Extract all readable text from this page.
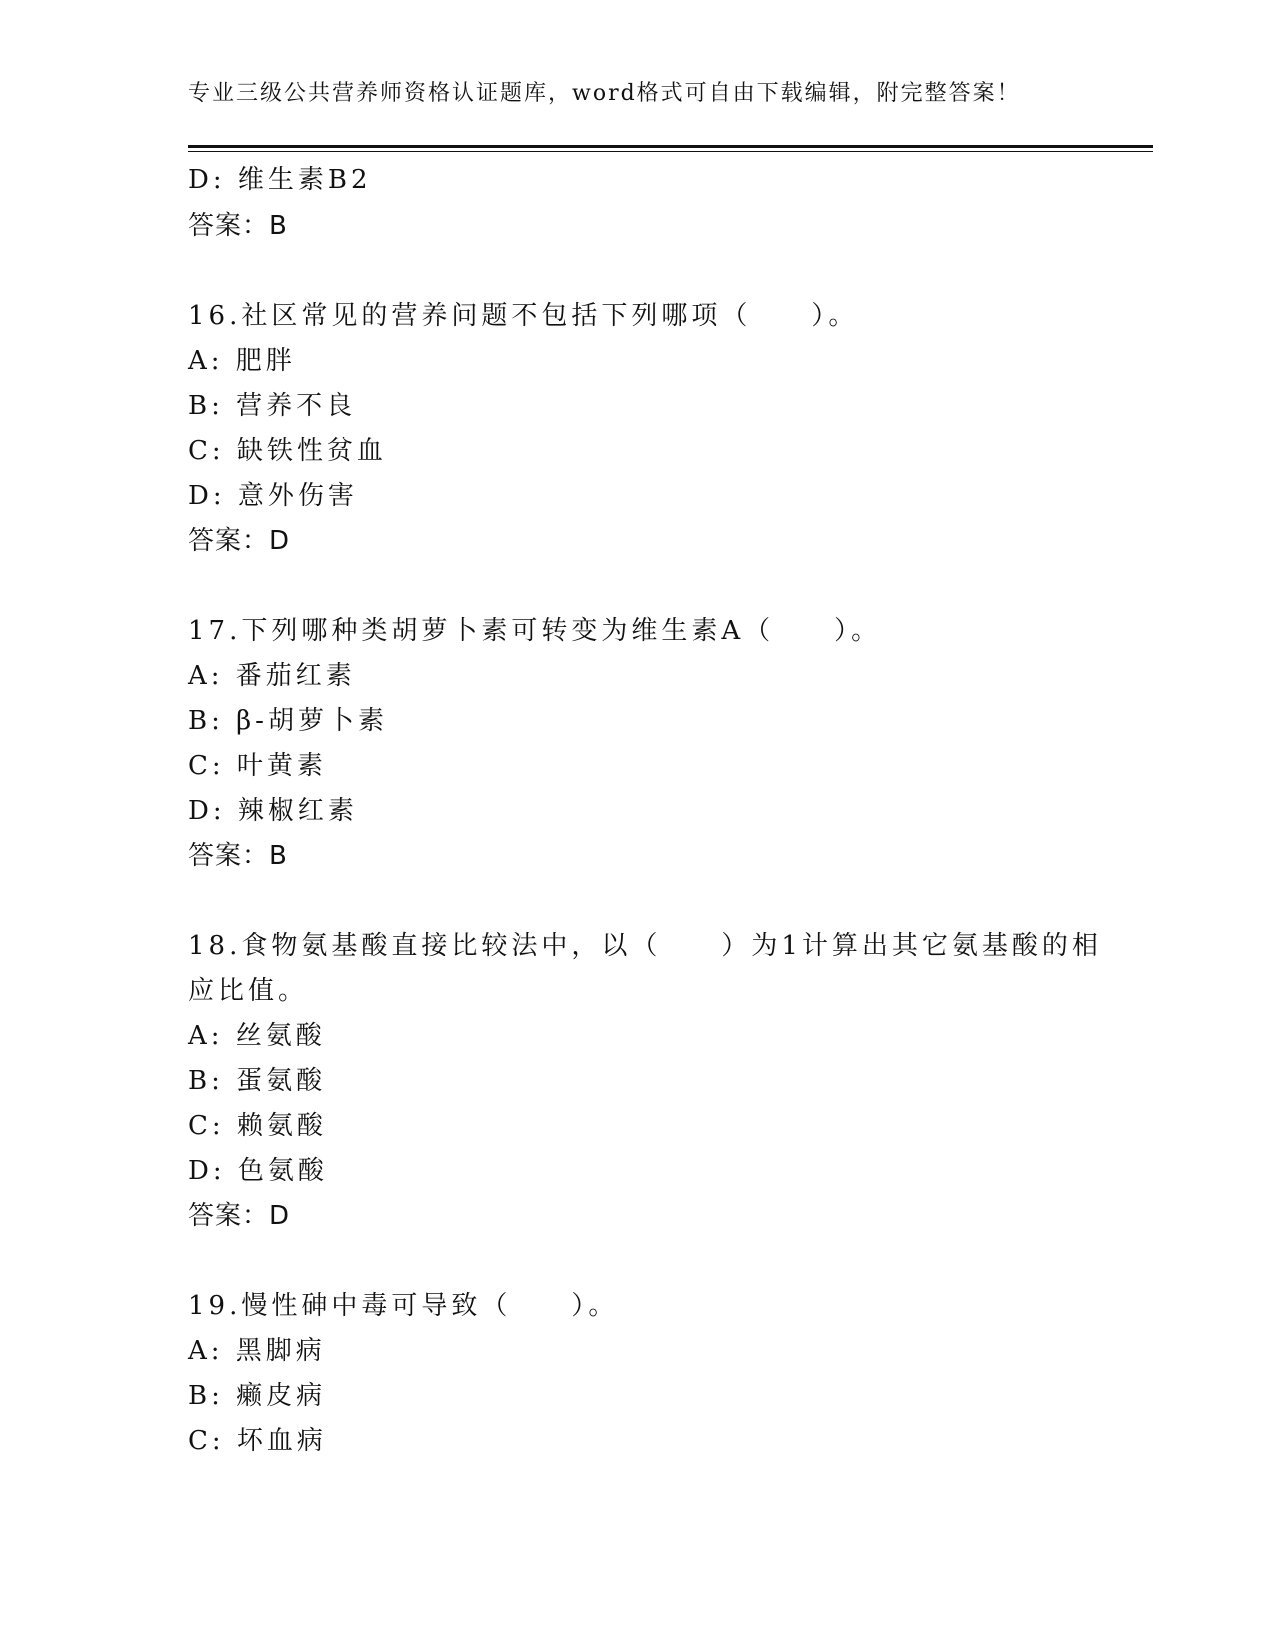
专业三级公共营养师资格认证题库，word格式可自由下载编辑，附完整答案！
D: 维生素B2
答案：B
16.社区常见的营养问题不包括下列哪项（　　）。
A: 肥胖
B: 营养不良
C: 缺铁性贫血
D: 意外伤害
答案：D
17.下列哪种类胡萝卜素可转变为维生素A（　　）。
A: 番茄红素
B: β-胡萝卜素
C: 叶黄素
D: 辣椒红素
答案：B
18.食物氨基酸直接比较法中，以（　　）为1计算出其它氨基酸的相
应比值。
A: 丝氨酸
B: 蛋氨酸
C: 赖氨酸
D: 色氨酸
答案：D
19.慢性砷中毒可导致（　　）。
A: 黑脚病
B: 癞皮病
C: 坏血病
